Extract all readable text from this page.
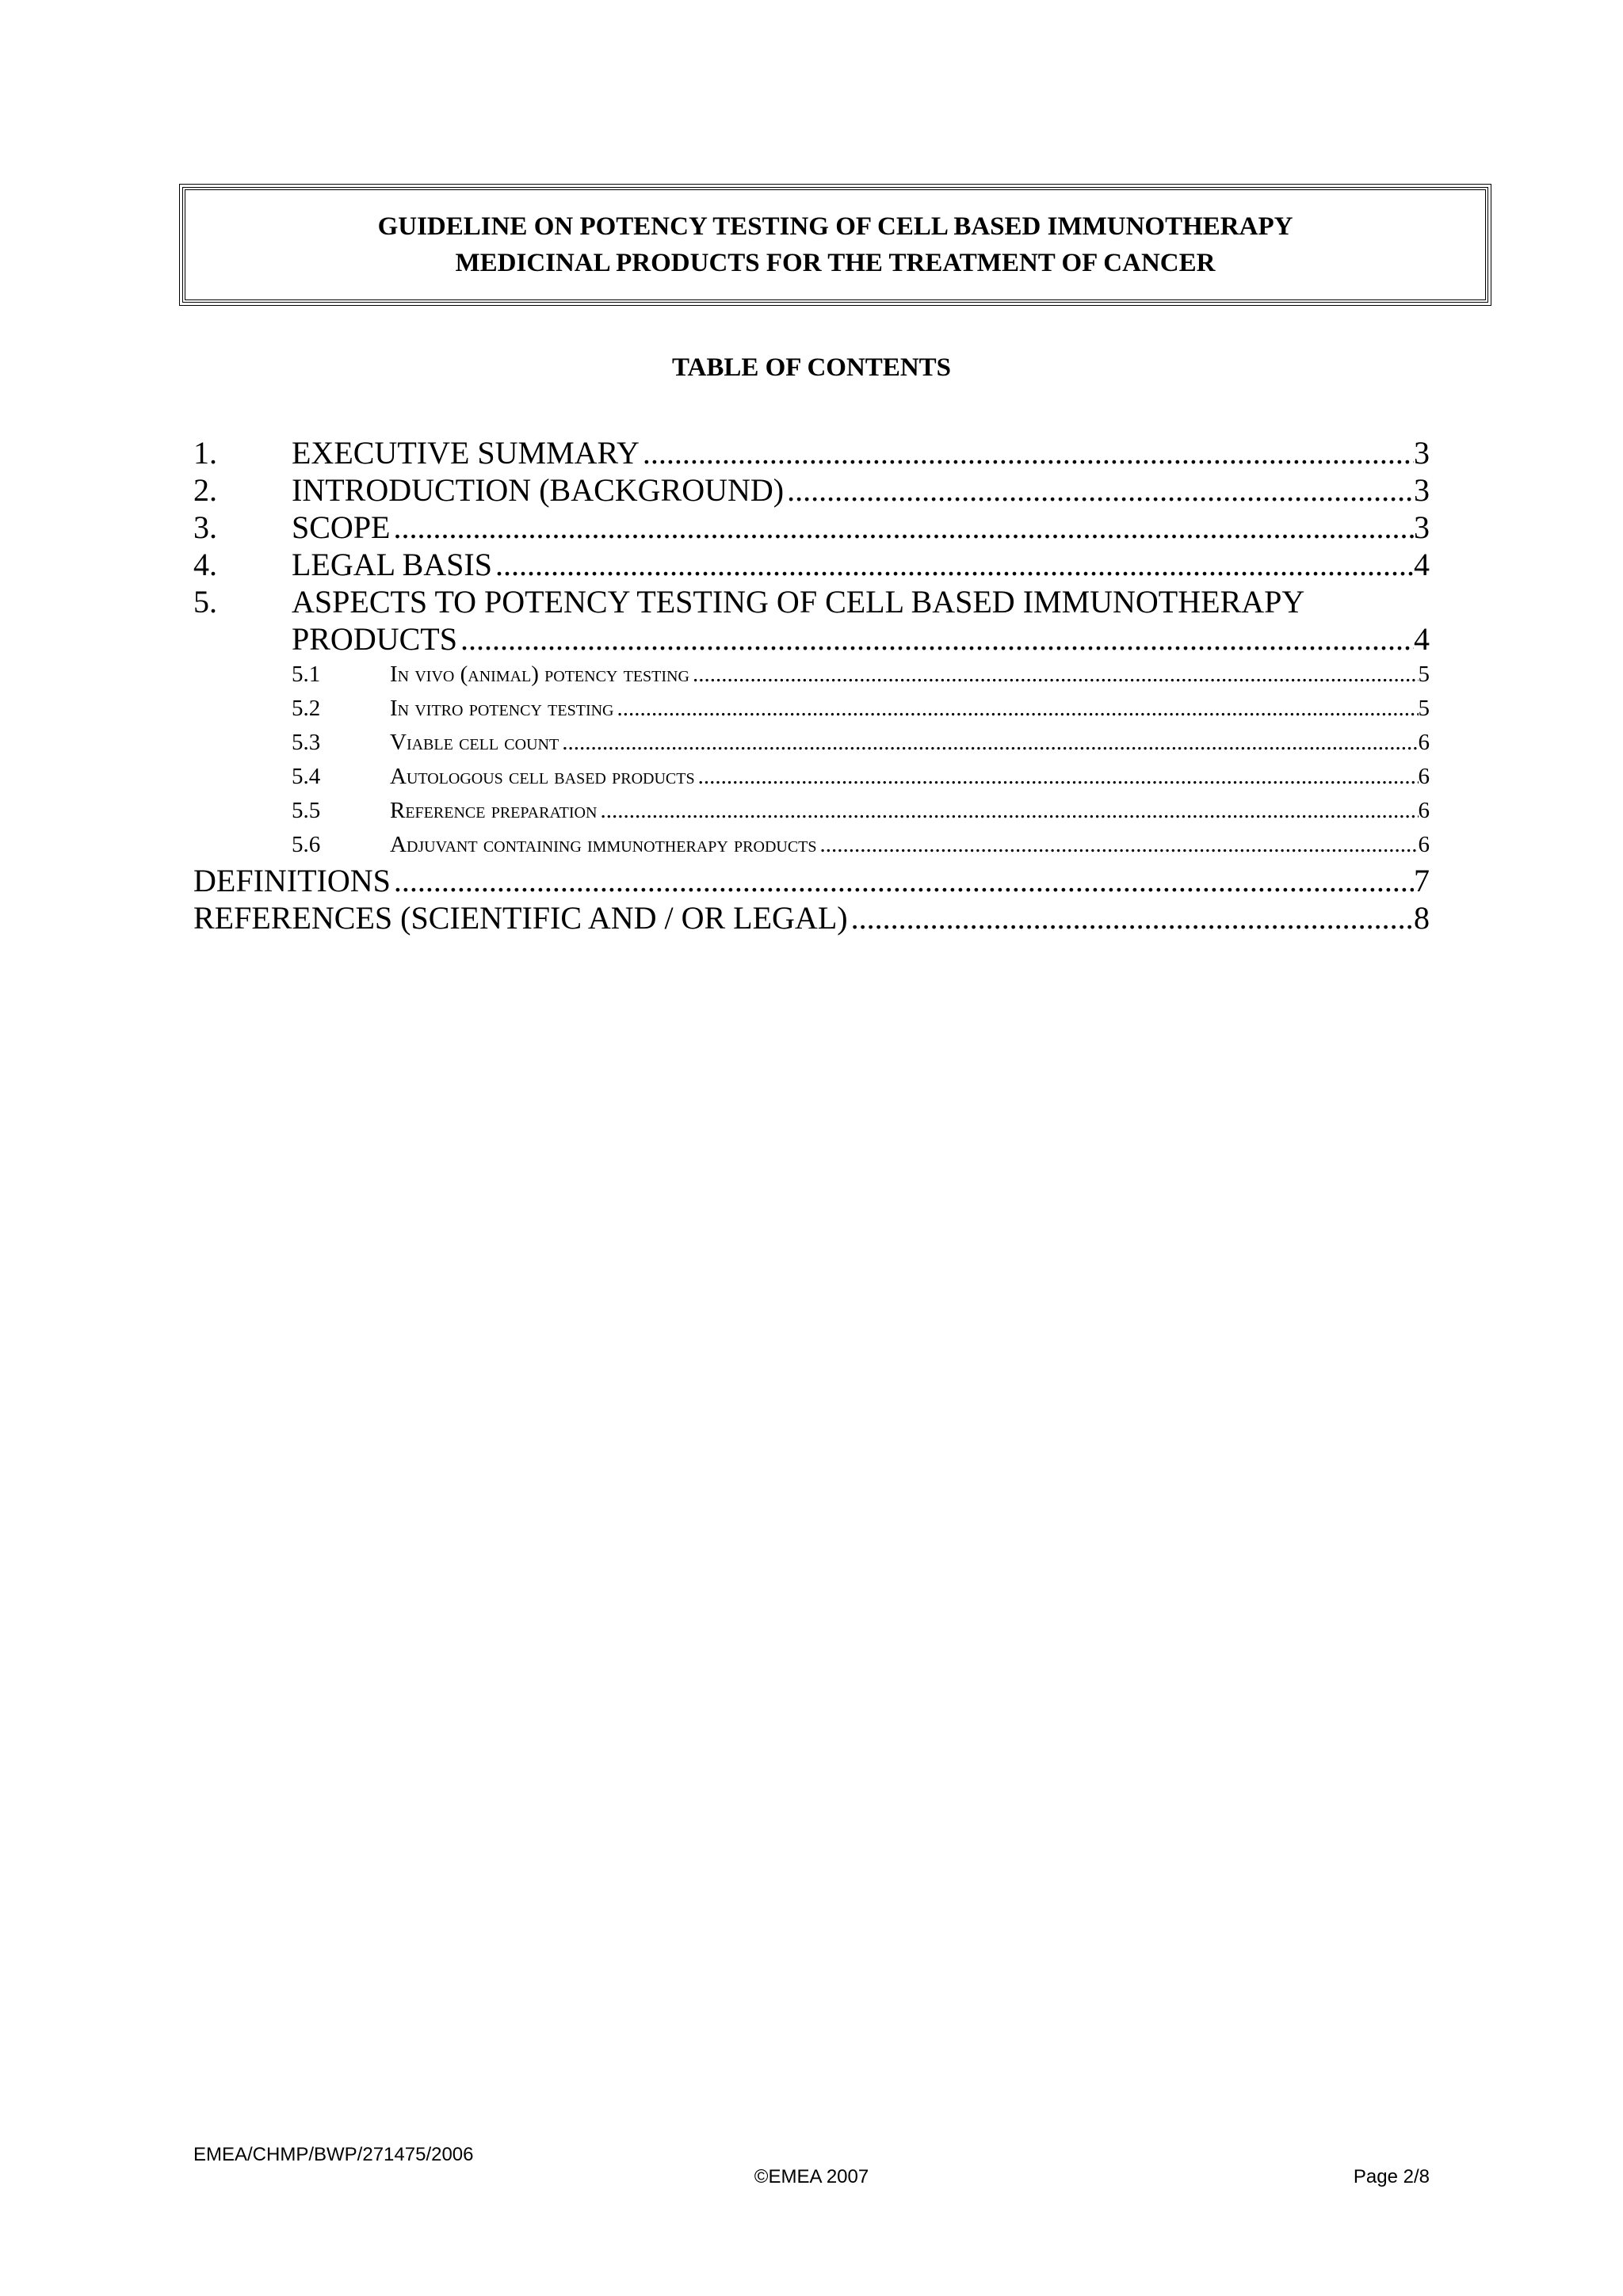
GUIDELINE ON POTENCY TESTING OF CELL BASED IMMUNOTHERAPY
MEDICINAL PRODUCTS FOR THE TREATMENT OF CANCER
TABLE OF CONTENTS
1.	EXECUTIVE SUMMARY .....	3
2.	INTRODUCTION (BACKGROUND) .....	3
3.	SCOPE .....	3
4.	LEGAL BASIS .....	4
5.	ASPECTS TO POTENCY TESTING OF CELL BASED IMMUNOTHERAPY
PRODUCTS .....	4
5.1	In vivo (animal) potency testing .....	5
5.2	In vitro potency testing .....	5
5.3	Viable cell count .....	6
5.4	Autologous cell based products .....	6
5.5	Reference preparation .....	6
5.6	Adjuvant containing immunotherapy products .....	6
DEFINITIONS .....	7
REFERENCES (SCIENTIFIC AND / OR LEGAL) .....	8
EMEA/CHMP/BWP/271475/2006
©EMEA 2007	Page 2/8
